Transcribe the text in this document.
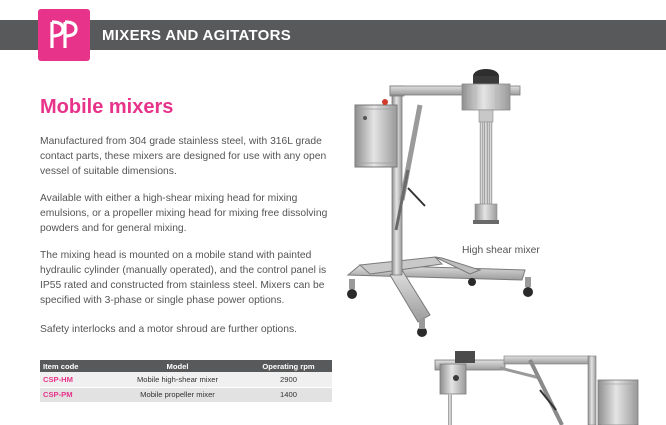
MIXERS AND AGITATORS
Mobile mixers

Manufactured from 304 grade stainless steel, with 316L grade contact parts, these mixers are designed for use with any open vessel of suitable dimensions.

Available with either a high-shear mixing head for mixing emulsions, or a propeller mixing head for mixing free dissolving powders and for general mixing.

The mixing head is mounted on a mobile stand with painted hydraulic cylinder (manually operated), and the control panel is IP55 rated and constructed from stainless steel. Mixers can be specified with 3-phase or single phase power options.

Safety interlocks and a motor shroud are further options.

Item code	Model	Operating rpm
CSP-HM	Mobile high-shear mixer	2900
CSP-PM	Mobile propeller mixer	1400
High shear mixer
